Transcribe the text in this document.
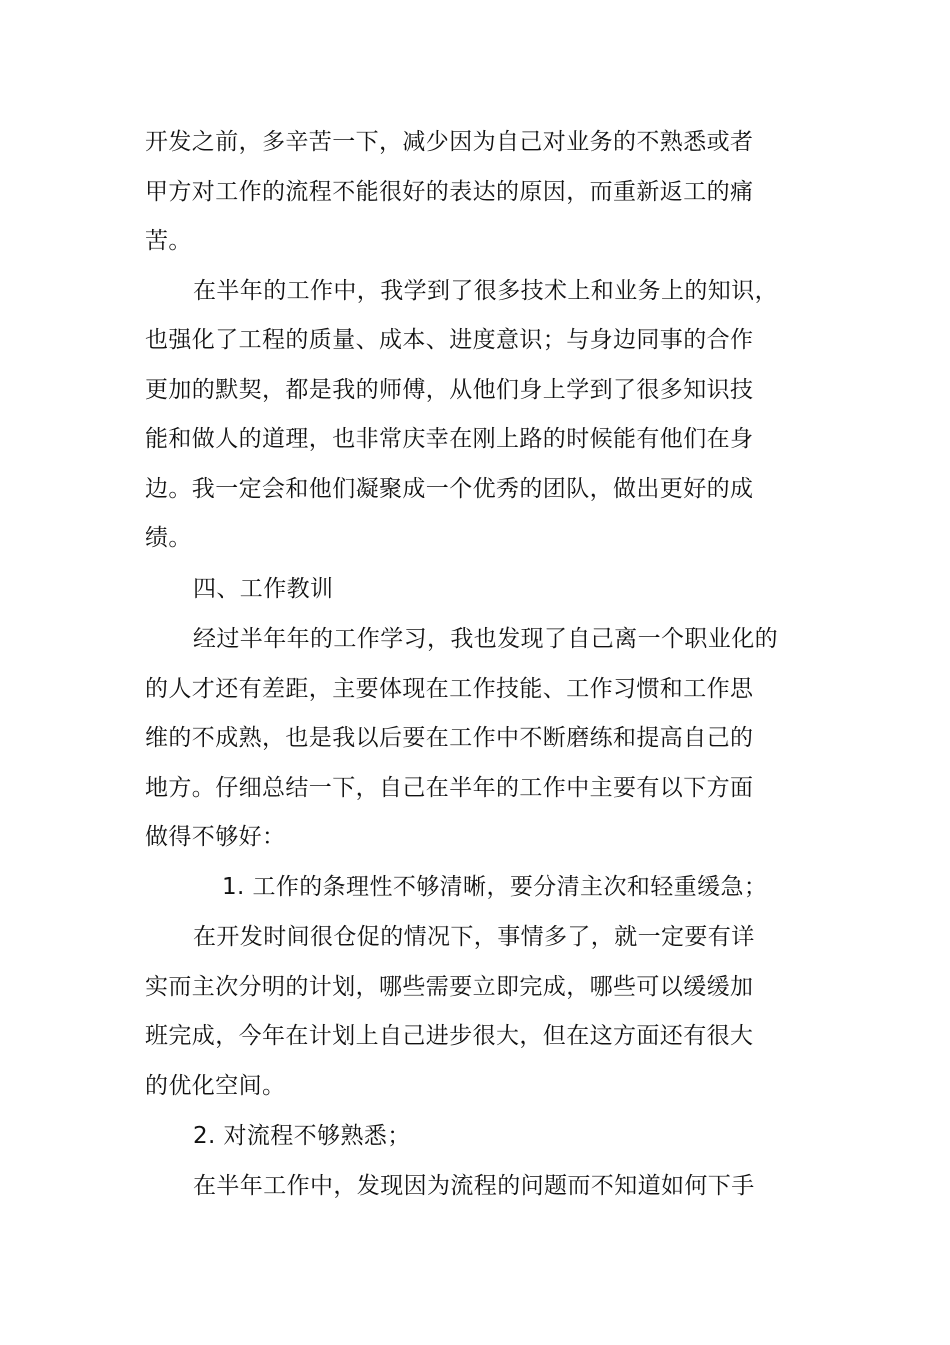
开发之前，多辛苦一下，减少因为自己对业务的不熟悉或者
甲方对工作的流程不能很好的表达的原因，而重新返工的痛
苦。
在半年的工作中，我学到了很多技术上和业务上的知识，
也强化了工程的质量、成本、进度意识；与身边同事的合作
更加的默契，都是我的师傅，从他们身上学到了很多知识技
能和做人的道理，也非常庆幸在刚上路的时候能有他们在身
边。我一定会和他们凝聚成一个优秀的团队，做出更好的成
绩。
四、工作教训
经过半年年的工作学习，我也发现了自己离一个职业化的
的人才还有差距，主要体现在工作技能、工作习惯和工作思
维的不成熟，也是我以后要在工作中不断磨练和提高自己的
地方。仔细总结一下，自己在半年的工作中主要有以下方面
做得不够好：
1. 工作的条理性不够清晰，要分清主次和轻重缓急；
在开发时间很仓促的情况下，事情多了，就一定要有详
实而主次分明的计划，哪些需要立即完成，哪些可以缓缓加
班完成，今年在计划上自己进步很大，但在这方面还有很大
的优化空间。
2. 对流程不够熟悉；
在半年工作中，发现因为流程的问题而不知道如何下手
